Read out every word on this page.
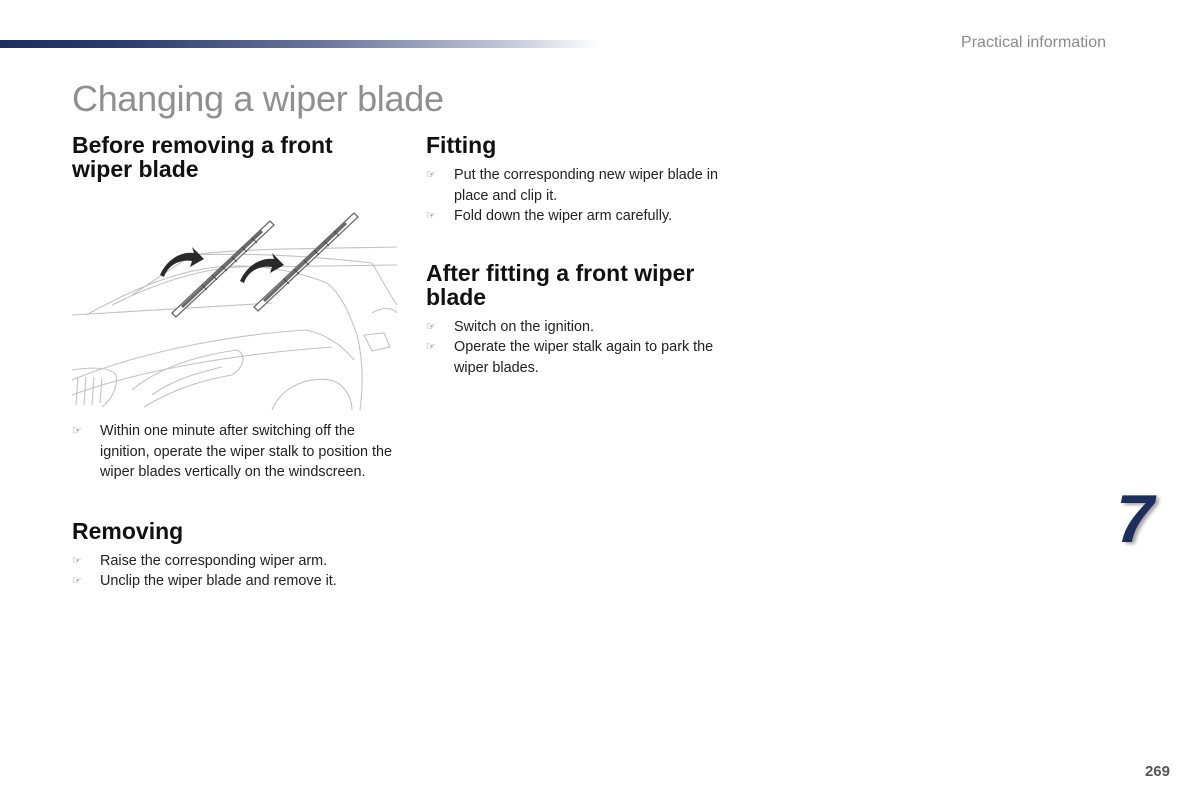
Practical information
Changing a wiper blade
Before removing a front wiper blade
☞ Within one minute after switching off the ignition, operate the wiper stalk to position the wiper blades vertically on the windscreen.
Removing
☞ Raise the corresponding wiper arm.
☞ Unclip the wiper blade and remove it.
Fitting
☞ Put the corresponding new wiper blade in place and clip it.
☞ Fold down the wiper arm carefully.
After fitting a front wiper blade
☞ Switch on the ignition.
☞ Operate the wiper stalk again to park the wiper blades.
7
269
